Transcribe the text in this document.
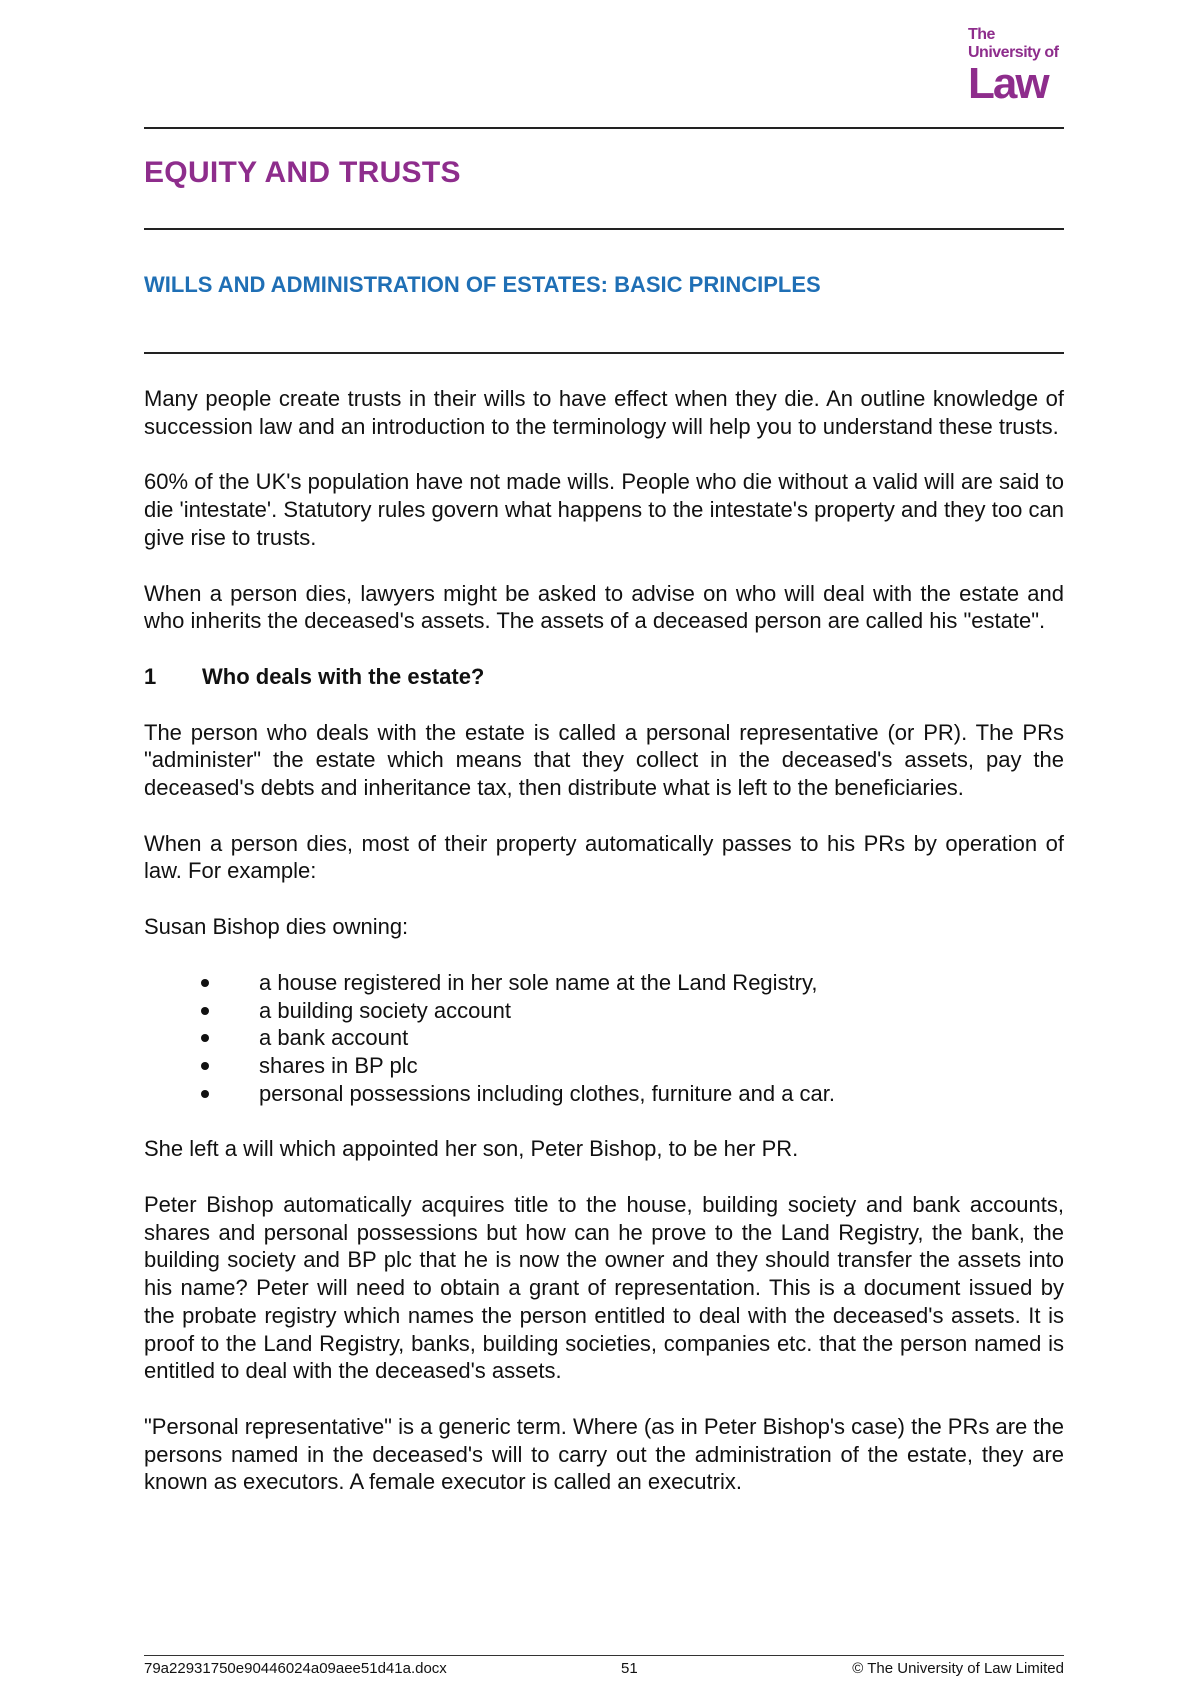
The
University of
Law
EQUITY AND TRUSTS
WILLS AND ADMINISTRATION OF ESTATES: BASIC PRINCIPLES

Many people create trusts in their wills to have effect when they die. An outline knowledge of succession law and an introduction to the terminology will help you to understand these trusts.

60% of the UK's population have not made wills. People who die without a valid will are said to die 'intestate'. Statutory rules govern what happens to the intestate's property and they too can give rise to trusts.

When a person dies, lawyers might be asked to advise on who will deal with the estate and who inherits the deceased's assets. The assets of a deceased person are called his "estate".

1 Who deals with the estate?

The person who deals with the estate is called a personal representative (or PR). The PRs "administer" the estate which means that they collect in the deceased's assets, pay the deceased's debts and inheritance tax, then distribute what is left to the beneficiaries.

When a person dies, most of their property automatically passes to his PRs by operation of law. For example:

Susan Bishop dies owning:

a house registered in her sole name at the Land Registry,
a building society account
a bank account
shares in BP plc
personal possessions including clothes, furniture and a car.

She left a will which appointed her son, Peter Bishop, to be her PR.

Peter Bishop automatically acquires title to the house, building society and bank accounts, shares and personal possessions but how can he prove to the Land Registry, the bank, the building society and BP plc that he is now the owner and they should transfer the assets into his name? Peter will need to obtain a grant of representation. This is a document issued by the probate registry which names the person entitled to deal with the deceased's assets. It is proof to the Land Registry, banks, building societies, companies etc. that the person named is entitled to deal with the deceased's assets.

"Personal representative" is a generic term. Where (as in Peter Bishop's case) the PRs are the persons named in the deceased's will to carry out the administration of the estate, they are known as executors. A female executor is called an executrix.

79a22931750e90446024a09aee51d41a.docx	51	© The University of Law Limited
